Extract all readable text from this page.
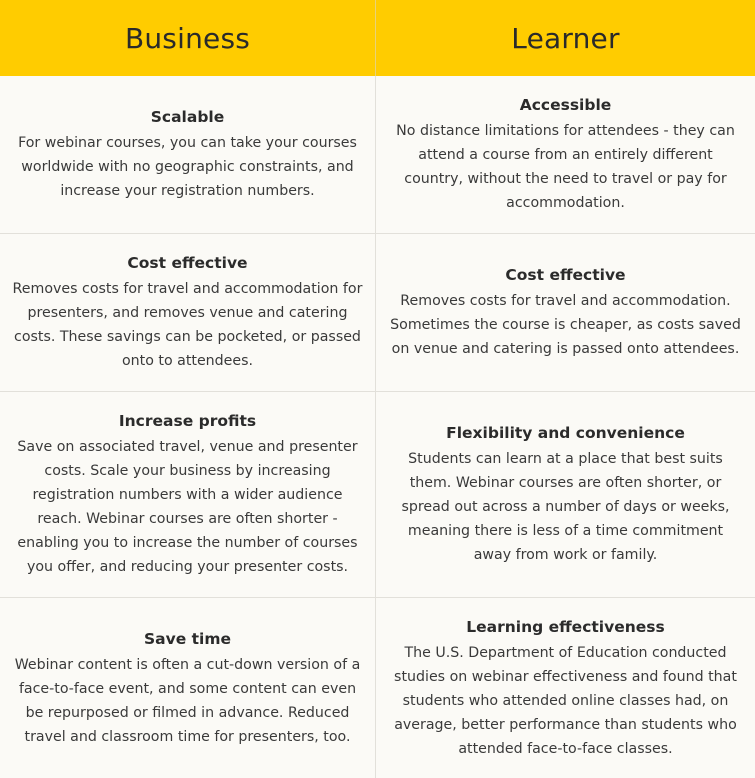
Business	Learner
Scalable
For webinar courses, you can take your courses worldwide with no geographic constraints, and increase your registration numbers.
Accessible
No distance limitations for attendees - they can attend a course from an entirely different country, without the need to travel or pay for accommodation.
Cost effective
Removes costs for travel and accommodation for presenters, and removes venue and catering costs. These savings can be pocketed, or passed onto to attendees.
Cost effective
Removes costs for travel and accommodation. Sometimes the course is cheaper, as costs saved on venue and catering is passed onto attendees.
Increase profits
Save on associated travel, venue and presenter costs. Scale your business by increasing registration numbers with a wider audience reach. Webinar courses are often shorter - enabling you to increase the number of courses you offer, and reducing your presenter costs.
Flexibility and convenience
Students can learn at a place that best suits them. Webinar courses are often shorter, or spread out across a number of days or weeks, meaning there is less of a time commitment away from work or family.
Save time
Webinar content is often a cut-down version of a face-to-face event, and some content can even be repurposed or filmed in advance. Reduced travel and classroom time for presenters, too.
Learning effectiveness
The U.S. Department of Education conducted studies on webinar effectiveness and found that students who attended online classes had, on average, better performance than students who attended face-to-face classes.
